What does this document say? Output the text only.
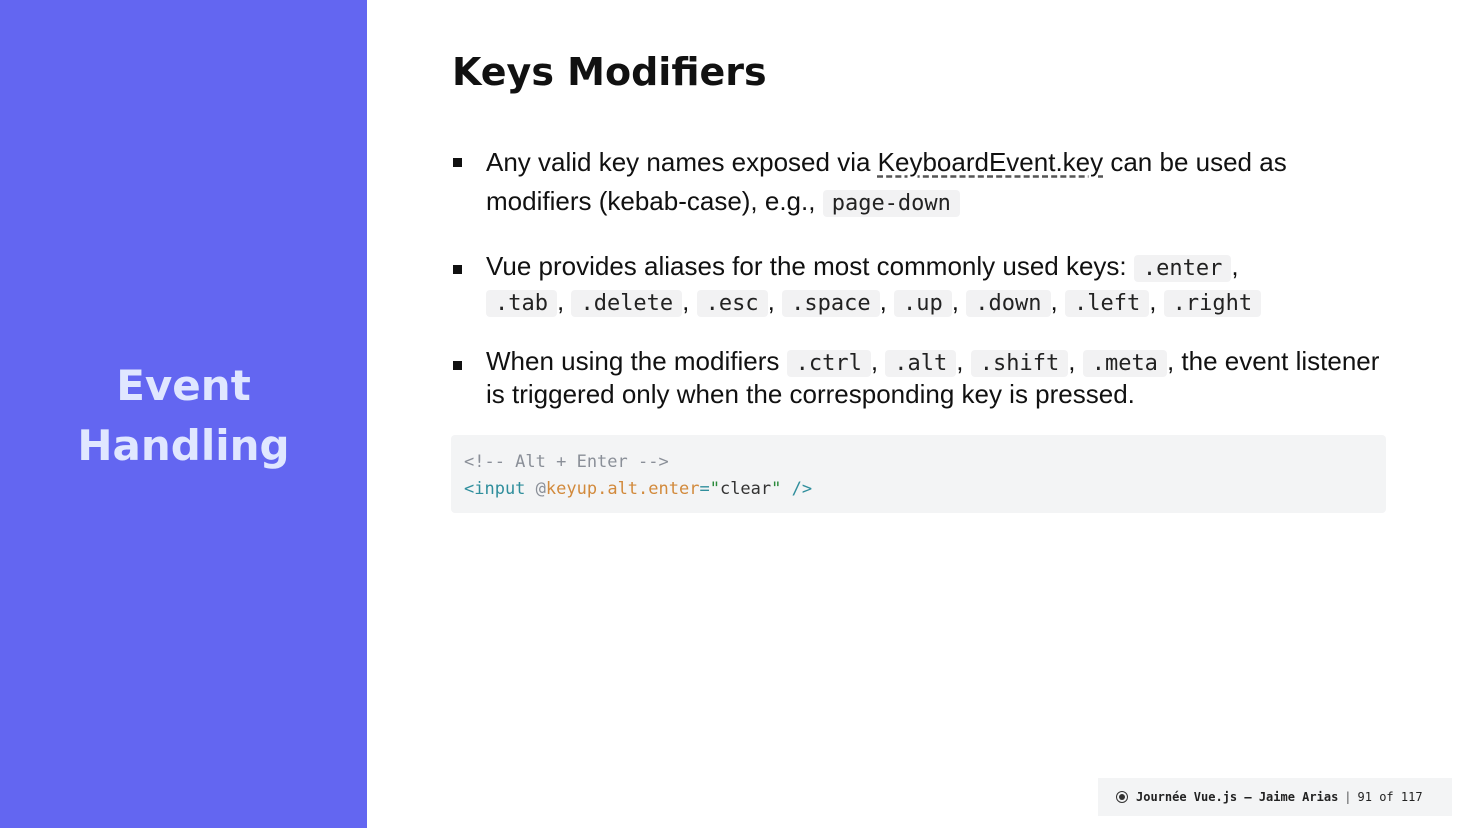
Event
Handling
Keys Modifiers
Any valid key names exposed via KeyboardEvent.key can be used as modifiers (kebab-case), e.g., page-down
Vue provides aliases for the most commonly used keys: .enter ,
.tab , .delete , .esc , .space , .up , .down , .left , .right
When using the modifiers .ctrl , .alt , .shift , .meta , the event listener is triggered only when the corresponding key is pressed.
<!-- Alt + Enter -->
<input @keyup.alt.enter="clear" />
Journée Vue.js – Jaime Arias | 91 of 117
